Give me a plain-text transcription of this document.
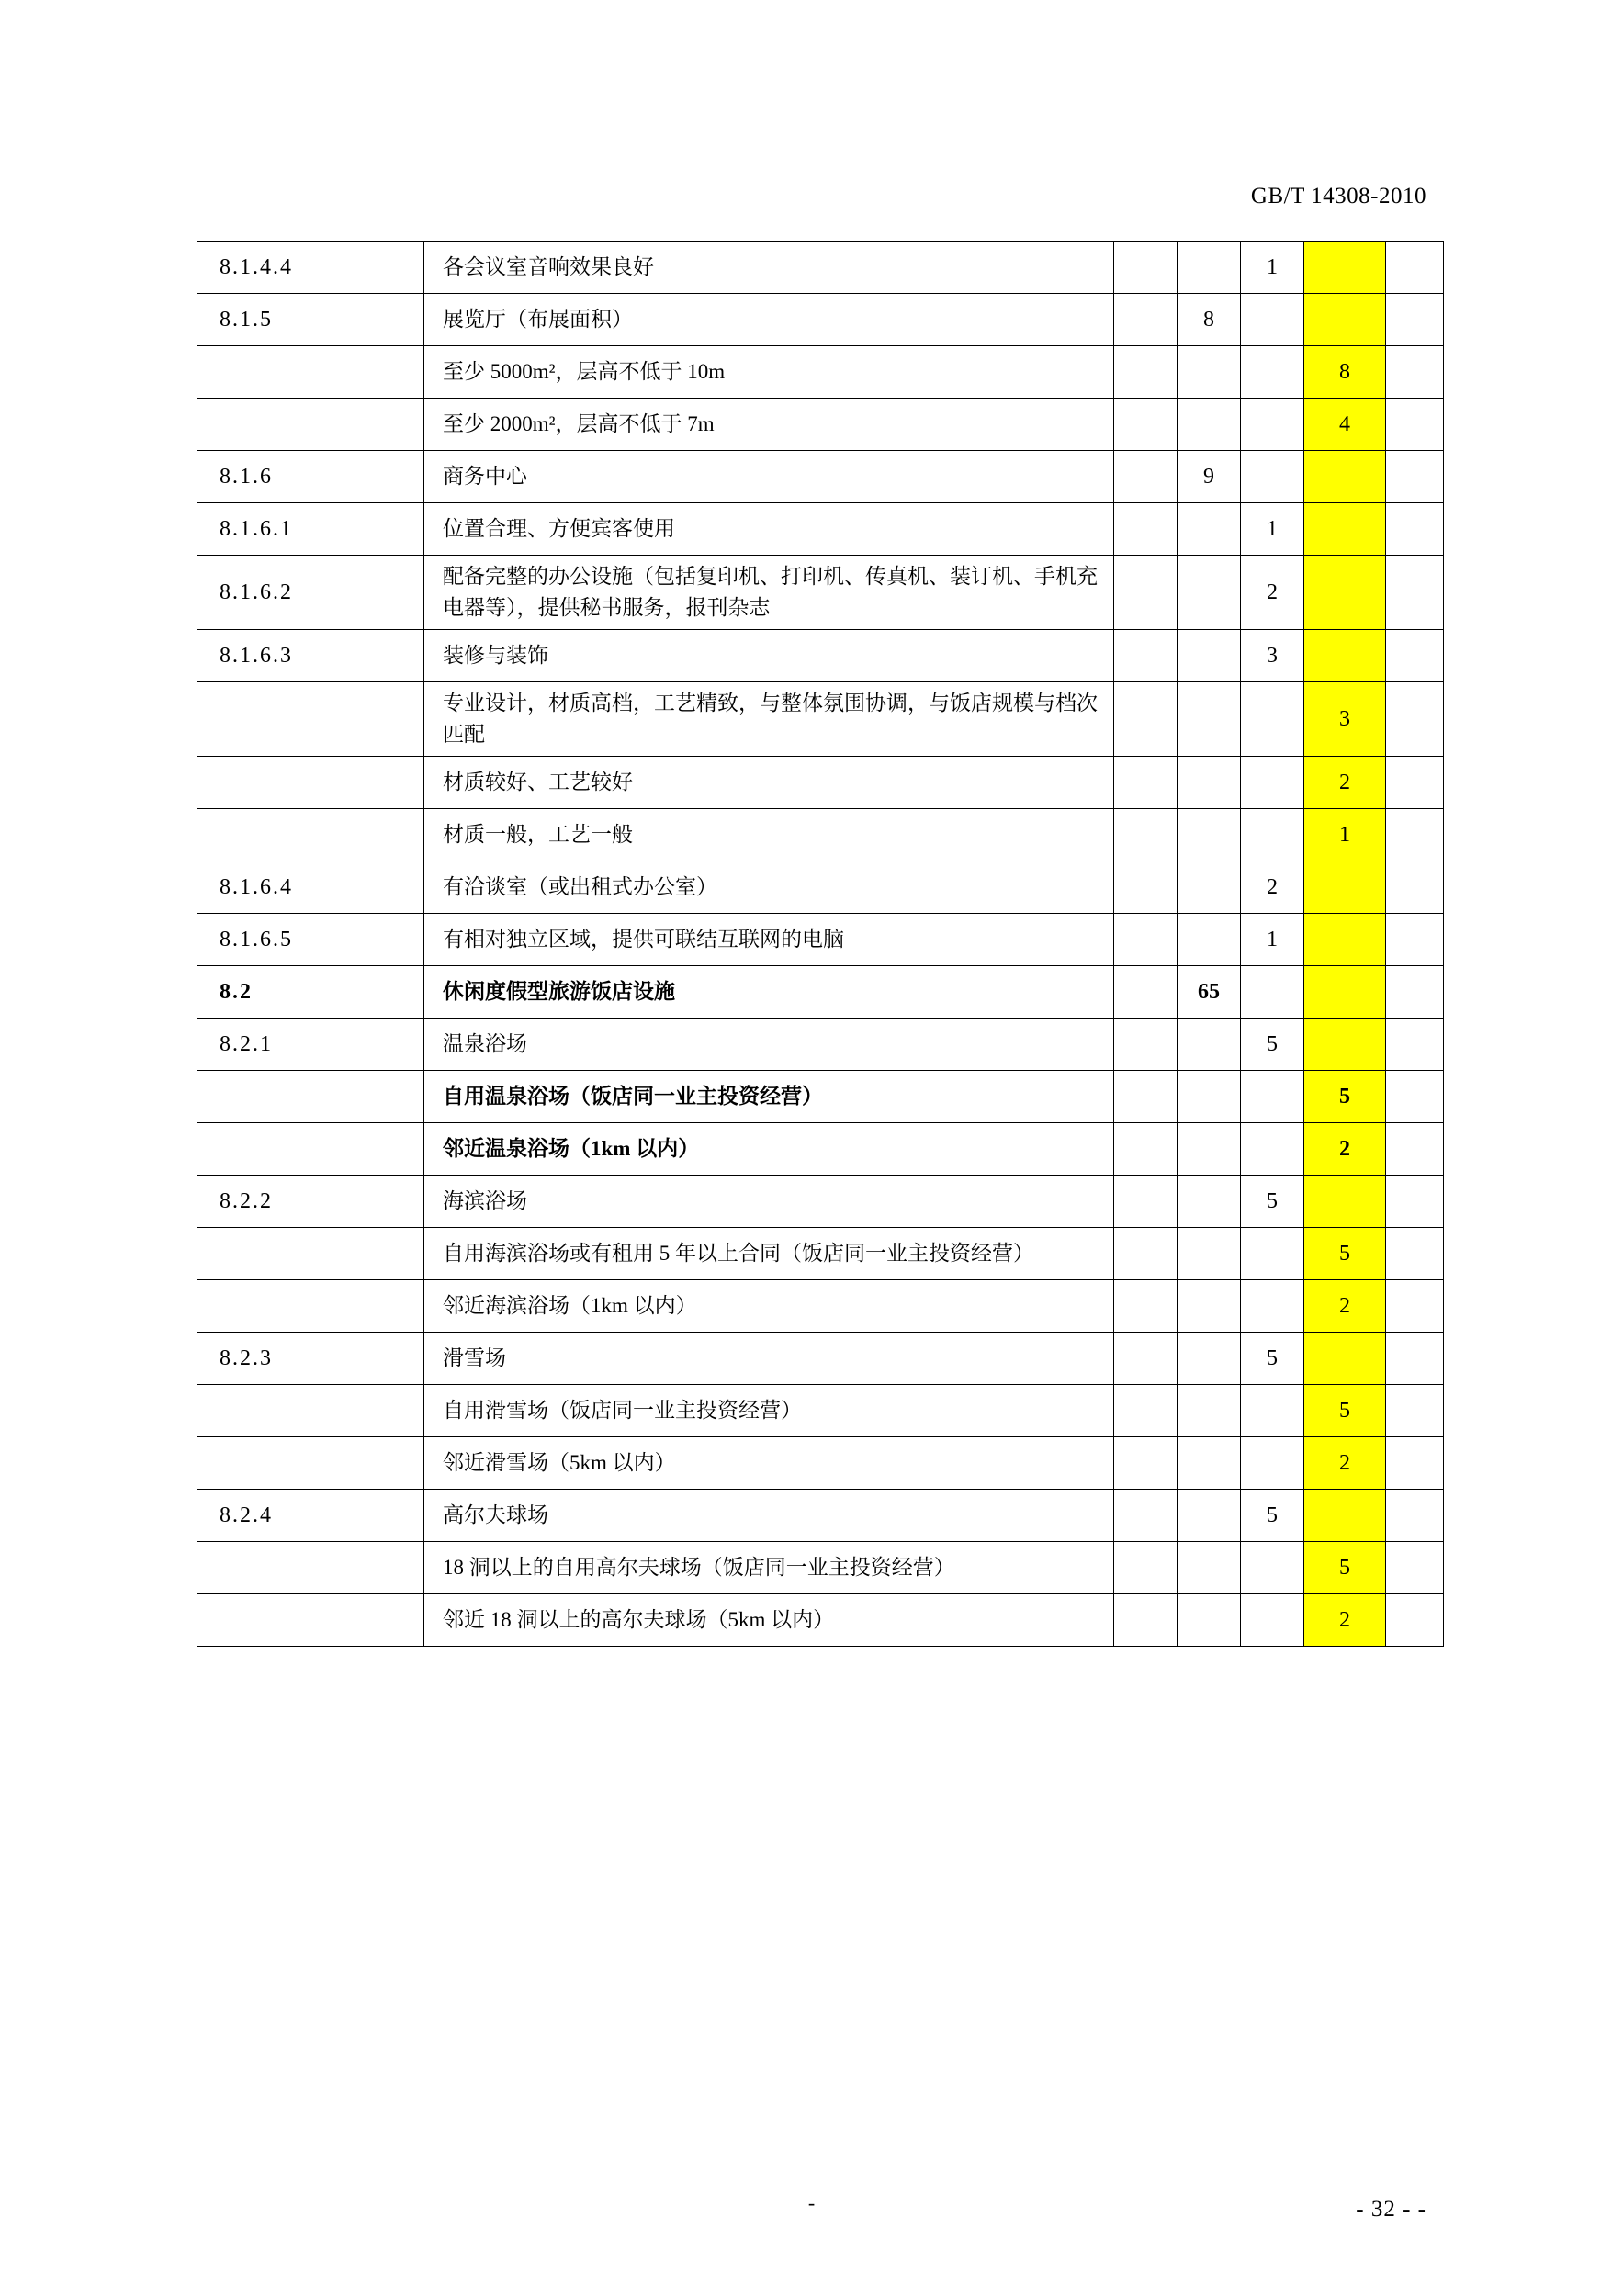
GB/T 14308-2010
8.1.4.4	各会议室音响效果良好			1		
8.1.5	展览厅（布展面积）		8			
	至少 5000m²，层高不低于 10m				8	
	至少 2000m²，层高不低于 7m				4	
8.1.6	商务中心		9			
8.1.6.1	位置合理、方便宾客使用			1		
8.1.6.2	配备完整的办公设施（包括复印机、打印机、传真机、装订机、手机充电器等），提供秘书服务，报刊杂志			2		
8.1.6.3	装修与装饰			3		
	专业设计，材质高档，工艺精致，与整体氛围协调，与饭店规模与档次匹配				3	
	材质较好、工艺较好				2	
	材质一般，工艺一般				1	
8.1.6.4	有洽谈室（或出租式办公室）			2		
8.1.6.5	有相对独立区域，提供可联结互联网的电脑			1		
8.2	休闲度假型旅游饭店设施		65			
8.2.1	温泉浴场			5		
	自用温泉浴场（饭店同一业主投资经营）				5	
	邻近温泉浴场（1km 以内）				2	
8.2.2	海滨浴场			5		
	自用海滨浴场或有租用 5 年以上合同（饭店同一业主投资经营）				5	
	邻近海滨浴场（1km 以内）				2	
8.2.3	滑雪场			5		
	自用滑雪场（饭店同一业主投资经营）				5	
	邻近滑雪场（5km 以内）				2	
8.2.4	高尔夫球场			5		
	18 洞以上的自用高尔夫球场（饭店同一业主投资经营）				5	
	邻近 18 洞以上的高尔夫球场（5km 以内）				2	
-	- 32 - -
